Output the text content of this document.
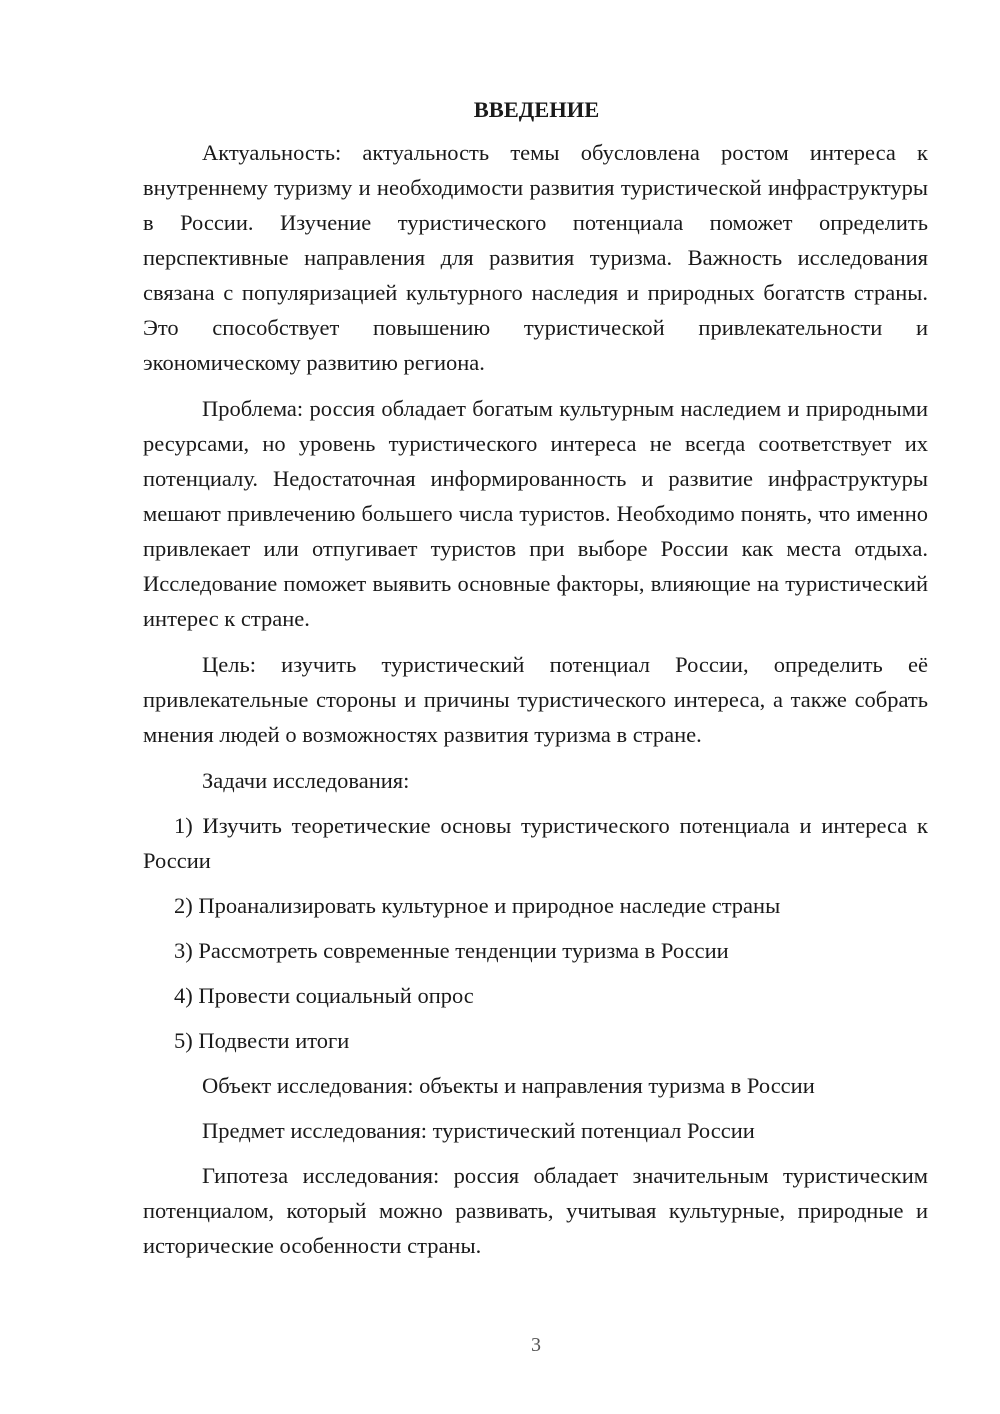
ВВЕДЕНИЕ

Актуальность: актуальность темы обусловлена ростом интереса к внутреннему туризму и необходимости развития туристической инфраструктуры в России. Изучение туристического потенциала поможет определить перспективные направления для развития туризма. Важность исследования связана с популяризацией культурного наследия и природных богатств страны. Это способствует повышению туристической привлекательности и экономическому развитию региона.

Проблема: россия обладает богатым культурным наследием и природными ресурсами, но уровень туристического интереса не всегда соответствует их потенциалу. Недостаточная информированность и развитие инфраструктуры мешают привлечению большего числа туристов. Необходимо понять, что именно привлекает или отпугивает туристов при выборе России как места отдыха. Исследование поможет выявить основные факторы, влияющие на туристический интерес к стране.

Цель: изучить туристический потенциал России, определить её привлекательные стороны и причины туристического интереса, а также собрать мнения людей о возможностях развития туризма в стране.

Задачи исследования:

1) Изучить теоретические основы туристического потенциала и интереса к России

2) Проанализировать культурное и природное наследие страны

3) Рассмотреть современные тенденции туризма в России

4) Провести социальный опрос

5) Подвести итоги

Объект исследования: объекты и направления туризма в России

Предмет исследования: туристический потенциал России

Гипотеза исследования: россия обладает значительным туристическим потенциалом, который можно развивать, учитывая культурные, природные и исторические особенности страны.

3
